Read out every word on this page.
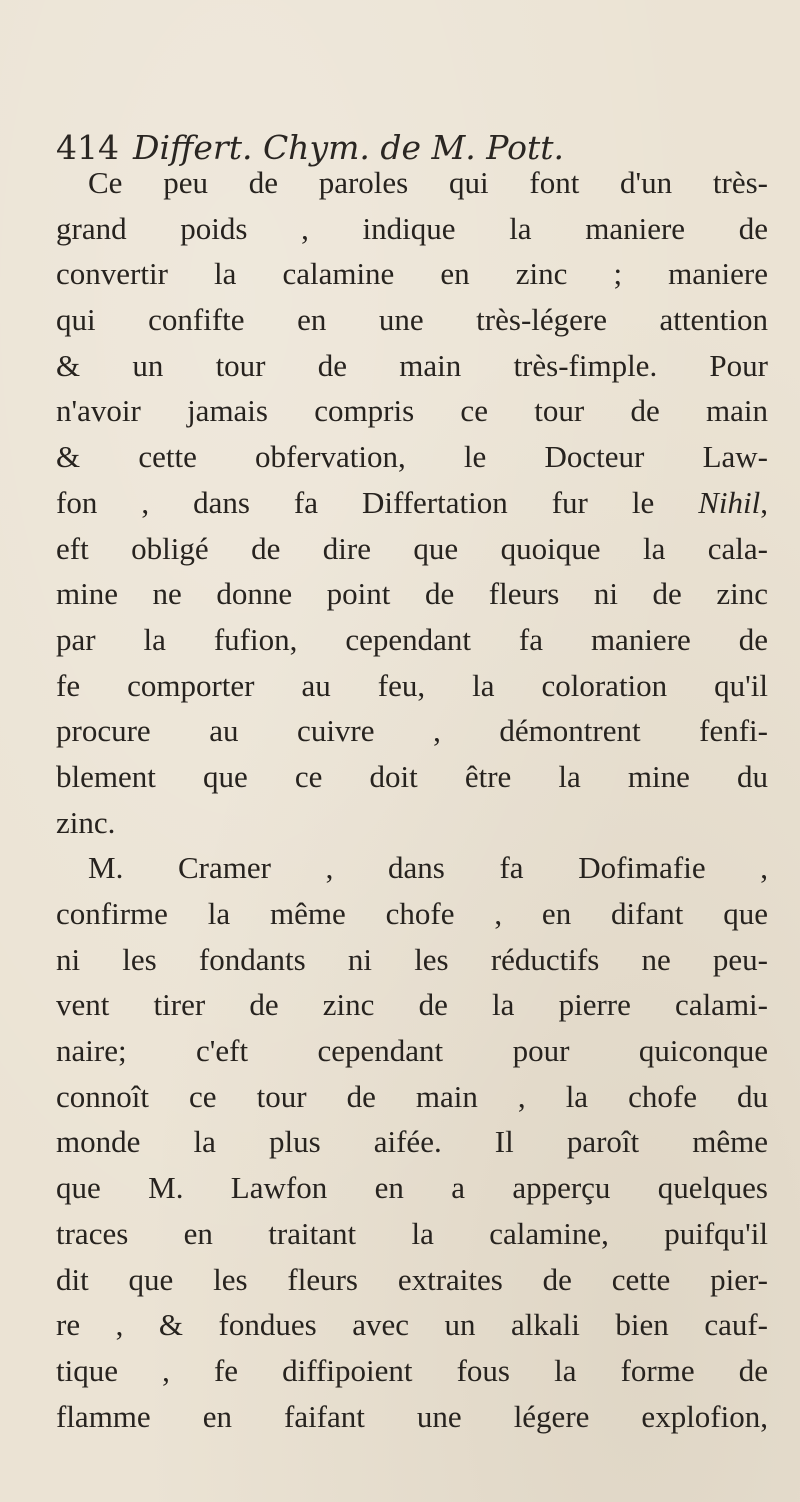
414 Differt. Chym. de M. Pott.
Ce peu de paroles qui font d'un très-
grand poids , indique la maniere de
convertir la calamine en zinc ; maniere
qui confifte en une très-légere attention
& un tour de main très-fimple. Pour
n'avoir jamais compris ce tour de main
& cette obfervation, le Docteur Law-
fon , dans fa Differtation fur le Nihil,
eft obligé de dire que quoique la cala-
mine ne donne point de fleurs ni de zinc
par la fufion, cependant fa maniere de
fe comporter au feu, la coloration qu'il
procure au cuivre , démontrent fenfi-
blement que ce doit être la mine du
zinc.
M. Cramer , dans fa Dofimafie ,
confirme la même chofe , en difant que
ni les fondants ni les réductifs ne peu-
vent tirer de zinc de la pierre calami-
naire; c'eft cependant pour quiconque
connoît ce tour de main , la chofe du
monde la plus aifée. Il paroît même
que M. Lawfon en a apperçu quelques
traces en traitant la calamine, puifqu'il
dit que les fleurs extraites de cette pier-
re , & fondues avec un alkali bien cauf-
tique , fe diffipoient fous la forme de
flamme en faifant une légere explofion,
